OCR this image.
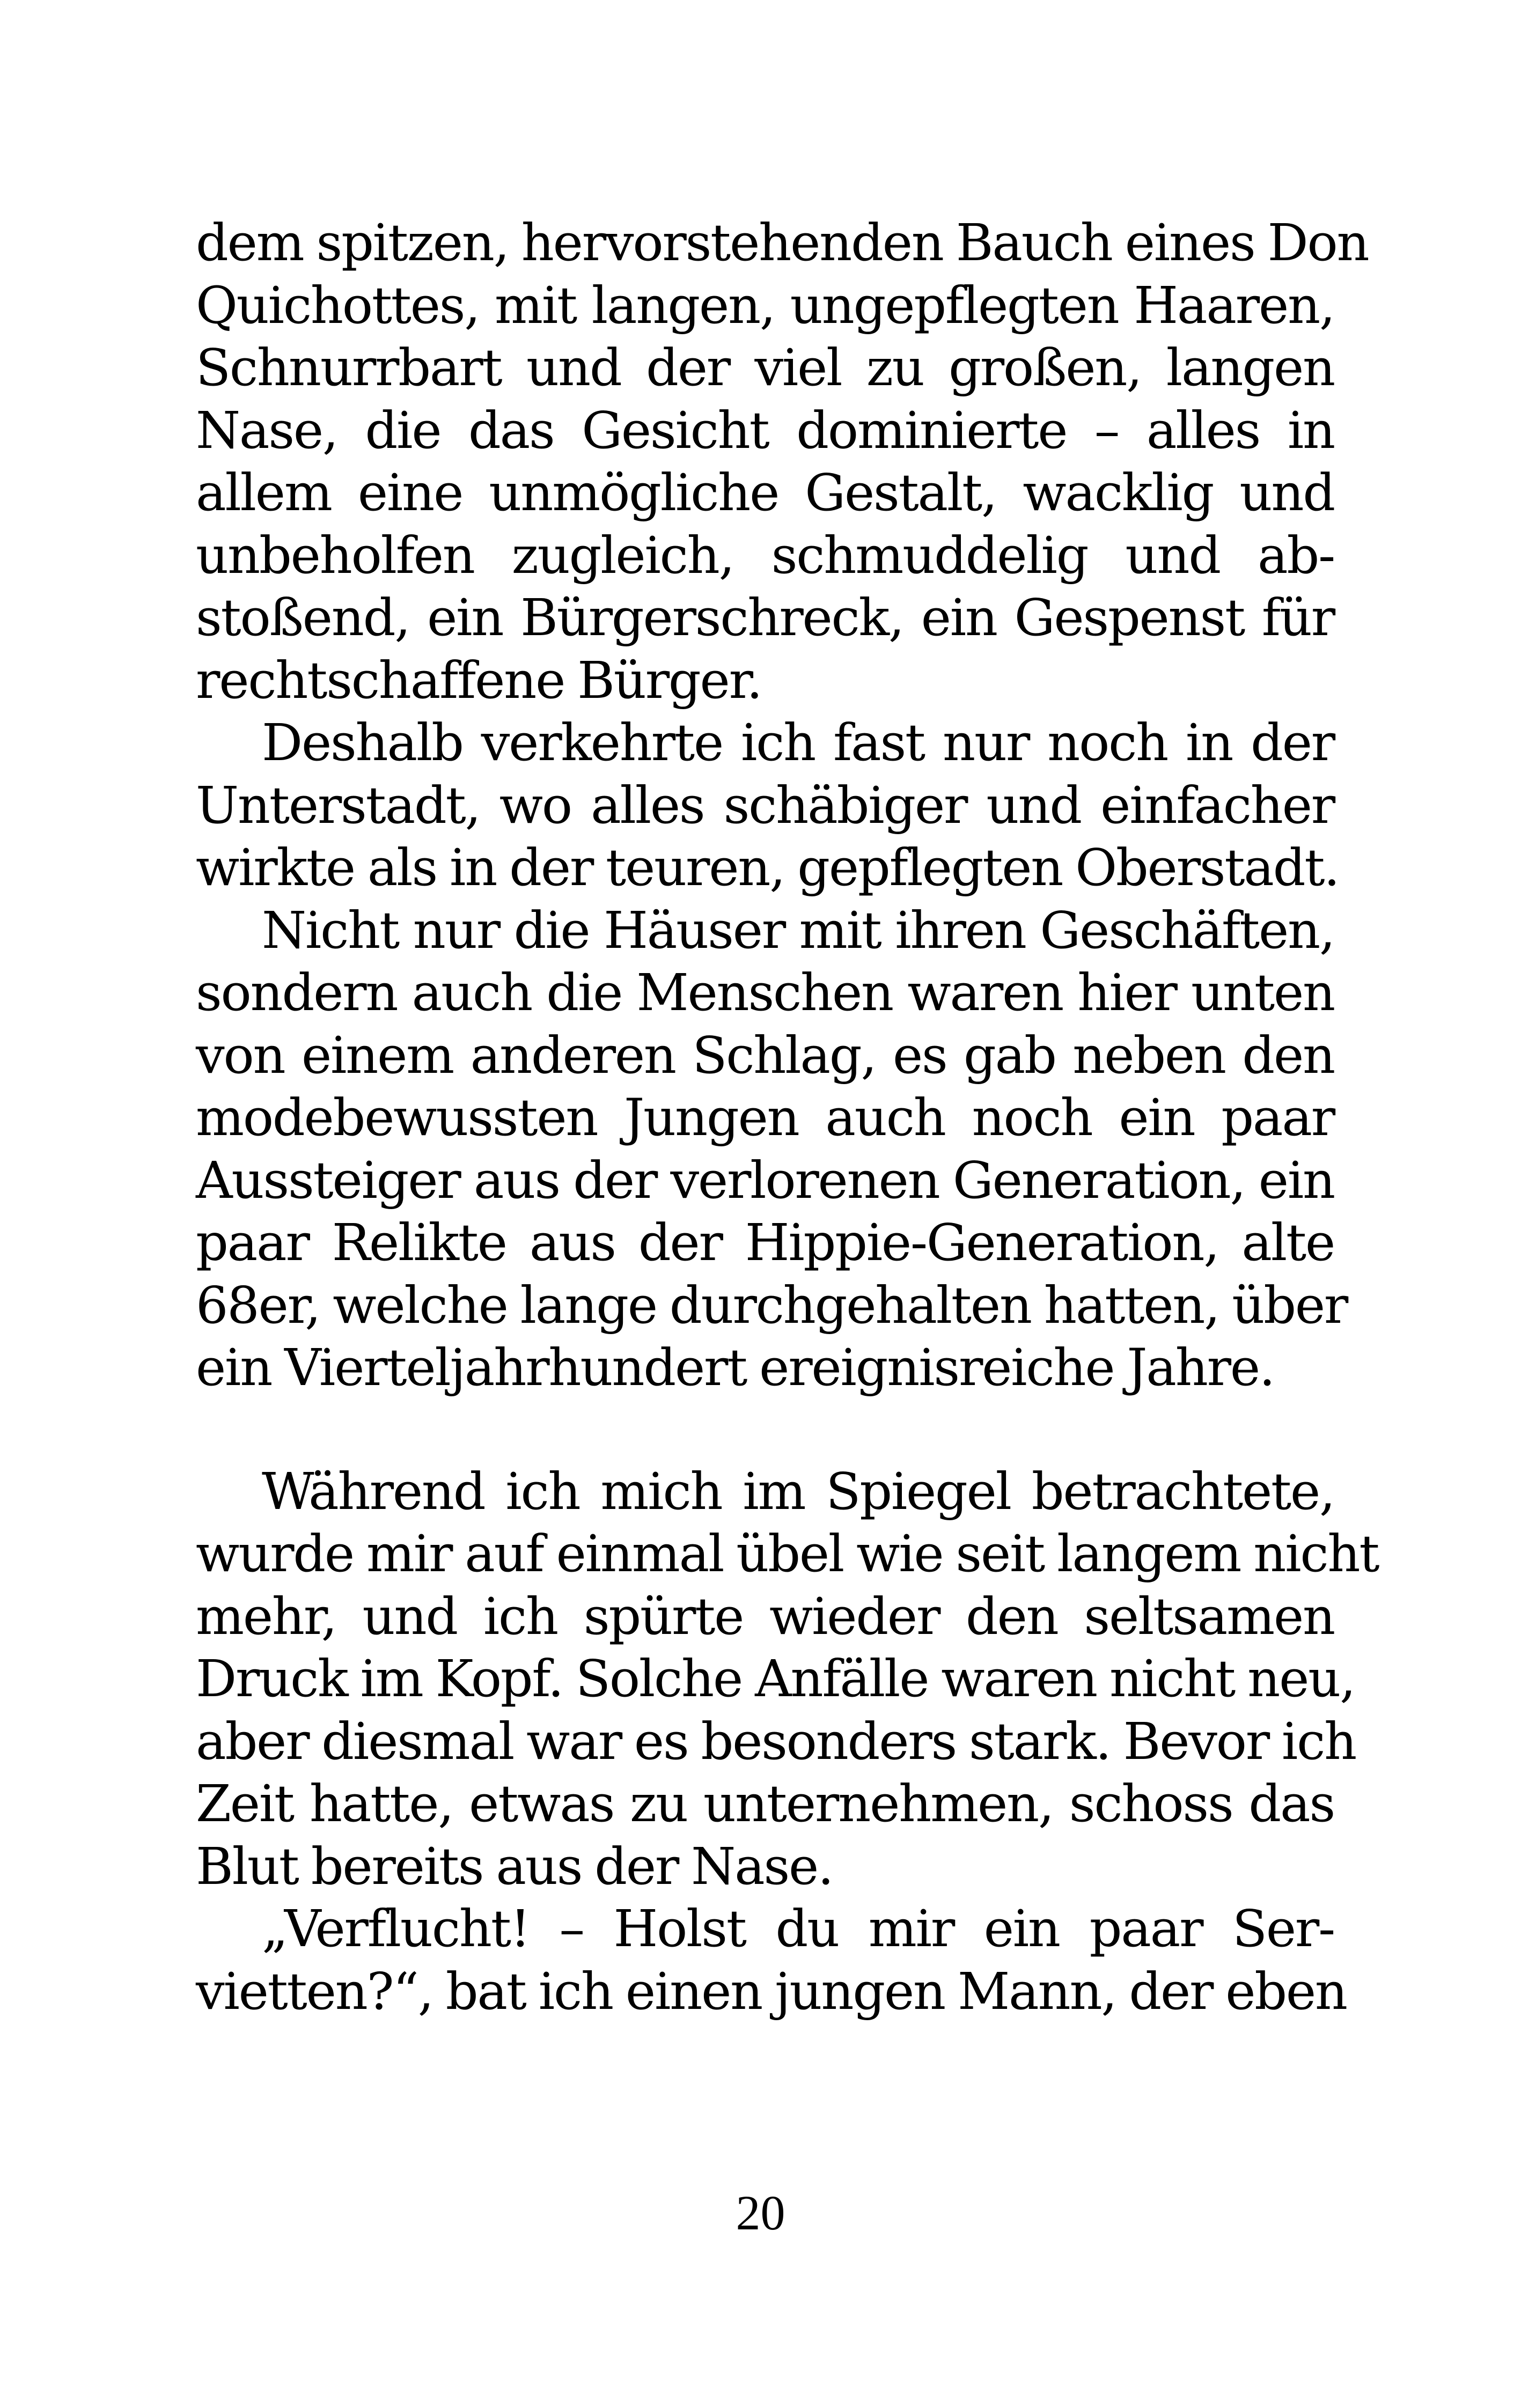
dem spitzen, hervorstehenden Bauch eines Don
Quichottes, mit langen, ungepflegten Haaren,
Schnurrbart und der viel zu großen, langen
Nase, die das Gesicht dominierte – alles in
allem eine unmögliche Gestalt, wacklig und
unbeholfen zugleich, schmuddelig und ab-
stoßend, ein Bürgerschreck, ein Gespenst für
rechtschaffene Bürger.
Deshalb verkehrte ich fast nur noch in der
Unterstadt, wo alles schäbiger und einfacher
wirkte als in der teuren, gepflegten Oberstadt.
Nicht nur die Häuser mit ihren Geschäften,
sondern auch die Menschen waren hier unten
von einem anderen Schlag, es gab neben den
modebewussten Jungen auch noch ein paar
Aussteiger aus der verlorenen Generation, ein
paar Relikte aus der Hippie-Generation, alte
68er, welche lange durchgehalten hatten, über
ein Vierteljahrhundert ereignisreiche Jahre.
Während ich mich im Spiegel betrachtete,
wurde mir auf einmal übel wie seit langem nicht
mehr, und ich spürte wieder den seltsamen
Druck im Kopf. Solche Anfälle waren nicht neu,
aber diesmal war es besonders stark. Bevor ich
Zeit hatte, etwas zu unternehmen, schoss das
Blut bereits aus der Nase.
„Verflucht! – Holst du mir ein paar Ser-
vietten?“, bat ich einen jungen Mann, der eben
20
